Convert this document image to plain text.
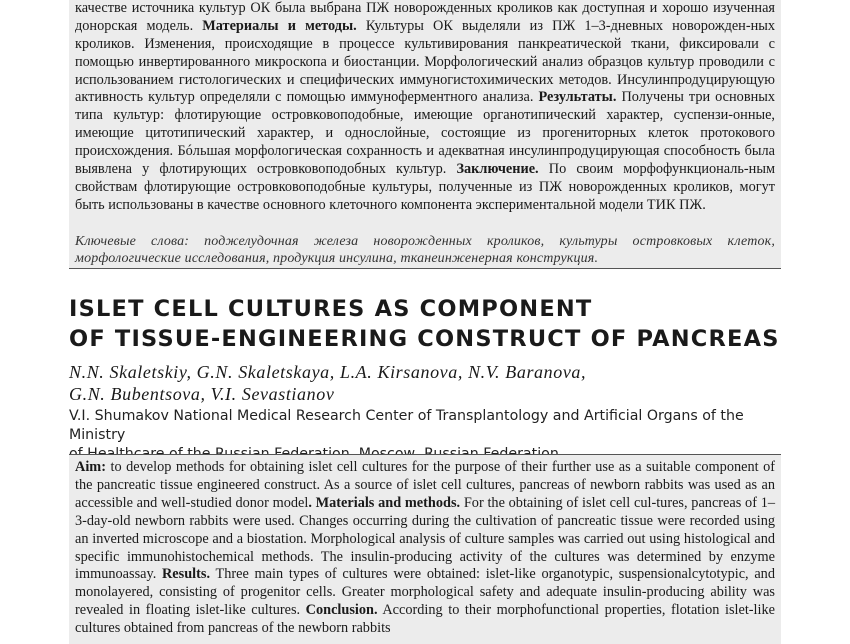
качестве источника культур ОК была выбрана ПЖ новорожденных кроликов как доступная и хорошо изученная донорская модель. Материалы и методы. Культуры ОК выделяли из ПЖ 1–3-дневных новорожден-ных кроликов. Изменения, происходящие в процессе культивирования панкреатической ткани, фиксировали с помощью инвертированного микроскопа и биостанции. Морфологический анализ образцов культур проводили с использованием гистологических и специфических иммуногистохимических методов. Инсулинпродуцирующую активность культур определяли с помощью иммуноферментного анализа. Результаты. Получены три основных типа культур: флотирующие островковоподобные, имеющие органотипический характер, суспензи-онные, имеющие цитотипический характер, и однослойные, состоящие из прогениторных клеток протокового происхождения. Бóльшая морфологическая сохранность и адекватная инсулинпродуцирующая способность была выявлена у флотирующих островковоподобных культур. Заключение. По своим морфофункциональ-ным свойствам флотирующие островковоподобные культуры, полученные из ПЖ новорожденных кроликов, могут быть использованы в качестве основного клеточного компонента экспериментальной модели ТИК ПЖ.

Ключевые слова: поджелудочная железа новорожденных кроликов, культуры островковых клеток, морфологические исследования, продукция инсулина, тканеинженерная конструкция.

ISLET CELL CULTURES AS COMPONENT
OF TISSUE-ENGINEERING CONSTRUCT OF PANCREAS

N.N. Skaletskiy, G.N. Skaletskaya, L.A. Kirsanova, N.V. Baranova,
G.N. Bubentsova, V.I. Sevastianov

V.I. Shumakov National Medical Research Center of Transplantology and Artificial Organs of the Ministry

Aim: to develop methods for obtaining islet cell cultures for the purpose of their further use as a suitable component of the pancreatic tissue engineered construct. As a source of islet cell cultures, pancreas of newborn rabbits was used as an accessible and well-studied donor model. Materials and methods. For the obtaining of islet cell cul-tures, pancreas of 1–3-day-old newborn rabbits were used. Changes occurring during the cultivation of pancreatic tissue were recorded using an inverted microscope and a biostation. Morphological analysis of culture samples was carried out using histological and specific immunohistochemical methods. The insulin-producing activity of the cultures was determined by enzyme immunoassay. Results. Three main types of cultures were obtained: islet-like organotypic, suspensionalcytotypic, and monolayered, consisting of progenitor cells. Greater morphological safety and adequate insulin-producing ability was revealed in floating islet-like cultures. Conclusion. According to their morphofunctional properties, flotation islet-like cultures obtained from pancreas of the newborn rabbits
